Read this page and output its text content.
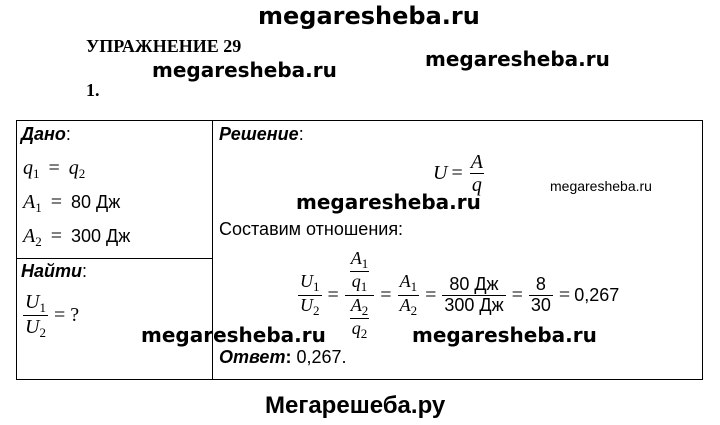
megaresheba.ru
megaresheba.ru	megaresheba.ru
УПРАЖНЕНИЕ 29
1.
Дано:
$q_1 = q_2$
$A_1 = 80$ Дж
$A_2 = 300$ Дж
Найти:
$\frac{U_1}{U_2}$ = ?
Решение:
$U = \frac{A}{q}$
Составим отношения:
$\frac{U_1}{U_2} = \frac{\frac{A_1}{q_1}}{\frac{A_2}{q_2}} = \frac{A_1}{A_2} = \frac{80 Дж}{300 Дж} = \frac{8}{30} = 0,267$
Ответ: 0,267.
megaresheba.ru
megaresheba.ru
megaresheba.ru	megaresheba.ru
Мегарешеба.ру
